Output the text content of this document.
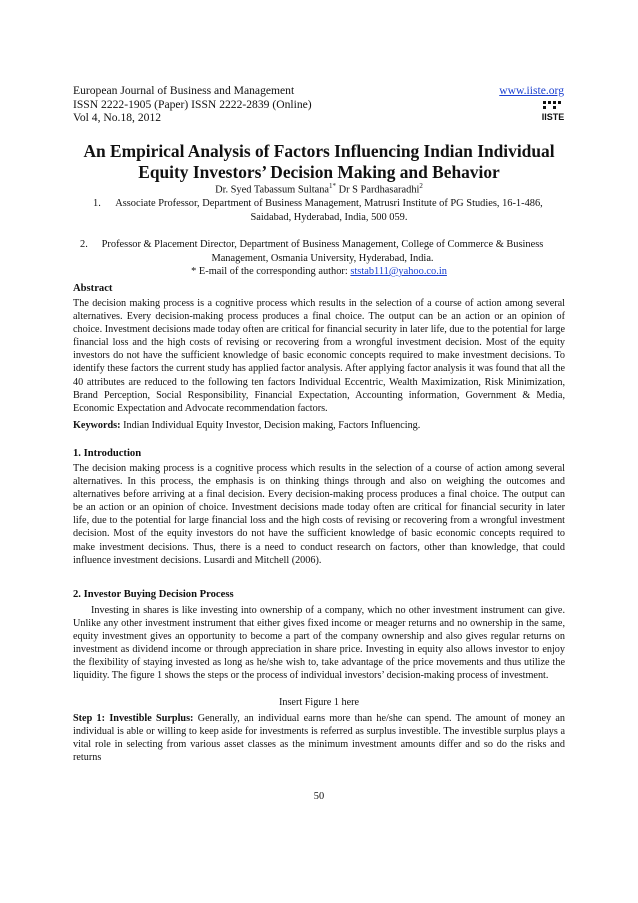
European Journal of Business and Management
ISSN 2222-1905 (Paper) ISSN 2222-2839 (Online)
Vol 4, No.18, 2012
www.iiste.org
IISTE
An Empirical Analysis of Factors Influencing Indian Individual
Equity Investors’ Decision Making and Behavior
Dr. Syed Tabassum Sultana$^{1*}$ Dr S Pardhasaradhi$^2$
1.	Associate Professor, Department of Business Management, Matrusri Institute of PG Studies, 16-1-486,
Saidabad, Hyderabad, India, 500 059.
2.	Professor & Placement Director, Department of Business Management, College of Commerce & Business
Management, Osmania University, Hyderabad, India.
* E-mail of the corresponding author: ststab111@yahoo.co.in
Abstract
The decision making process is a cognitive process which results in the selection of a course of action among several alternatives. Every decision-making process produces a final choice. The output can be an action or an opinion of choice. Investment decisions made today often are critical for financial security in later life, due to the potential for large financial loss and the high costs of revising or recovering from a wrongful investment decision. Most of the equity investors do not have the sufficient knowledge of basic economic concepts required to make investment decisions. To identify these factors the current study has applied factor analysis. After applying factor analysis it was found that all the 40 attributes are reduced to the following ten factors Individual Eccentric, Wealth Maximization, Risk Minimization, Brand Perception, Social Responsibility, Financial Expectation, Accounting information, Government & Media, Economic Expectation and Advocate recommendation factors.
Keywords: Indian Individual Equity Investor, Decision making, Factors Influencing.
1. Introduction
The decision making process is a cognitive process which results in the selection of a course of action among several alternatives. In this process, the emphasis is on thinking things through and also on weighing the outcomes and alternatives before arriving at a final decision. Every decision-making process produces a final choice. The output can be an action or an opinion of choice. Investment decisions made today often are critical for financial security in later life, due to the potential for large financial loss and the high costs of revising or recovering from a wrongful investment decision. Most of the equity investors do not have the sufficient knowledge of basic economic concepts required to make investment decisions. Thus, there is a need to conduct research on factors, other than knowledge, that could influence investment decisions. Lusardi and Mitchell (2006).
2. Investor Buying Decision Process
Investing in shares is like investing into ownership of a company, which no other investment instrument can give. Unlike any other investment instrument that either gives fixed income or meager returns and no ownership in the same, equity investment gives an opportunity to become a part of the company ownership and also gives regular returns on investment as dividend income or through appreciation in share price. Investing in equity also allows investor to enjoy the flexibility of staying invested as long as he/she wish to, take advantage of the price movements and thus utilize the liquidity. The figure 1 shows the steps or the process of individual investors’ decision-making process of investment.
Insert Figure 1 here
Step 1: Investible Surplus: Generally, an individual earns more than he/she can spend. The amount of money an individual is able or willing to keep aside for investments is referred as surplus investible. The investible surplus plays a vital role in selecting from various asset classes as the minimum investment amounts differ and so do the risks and returns
50
